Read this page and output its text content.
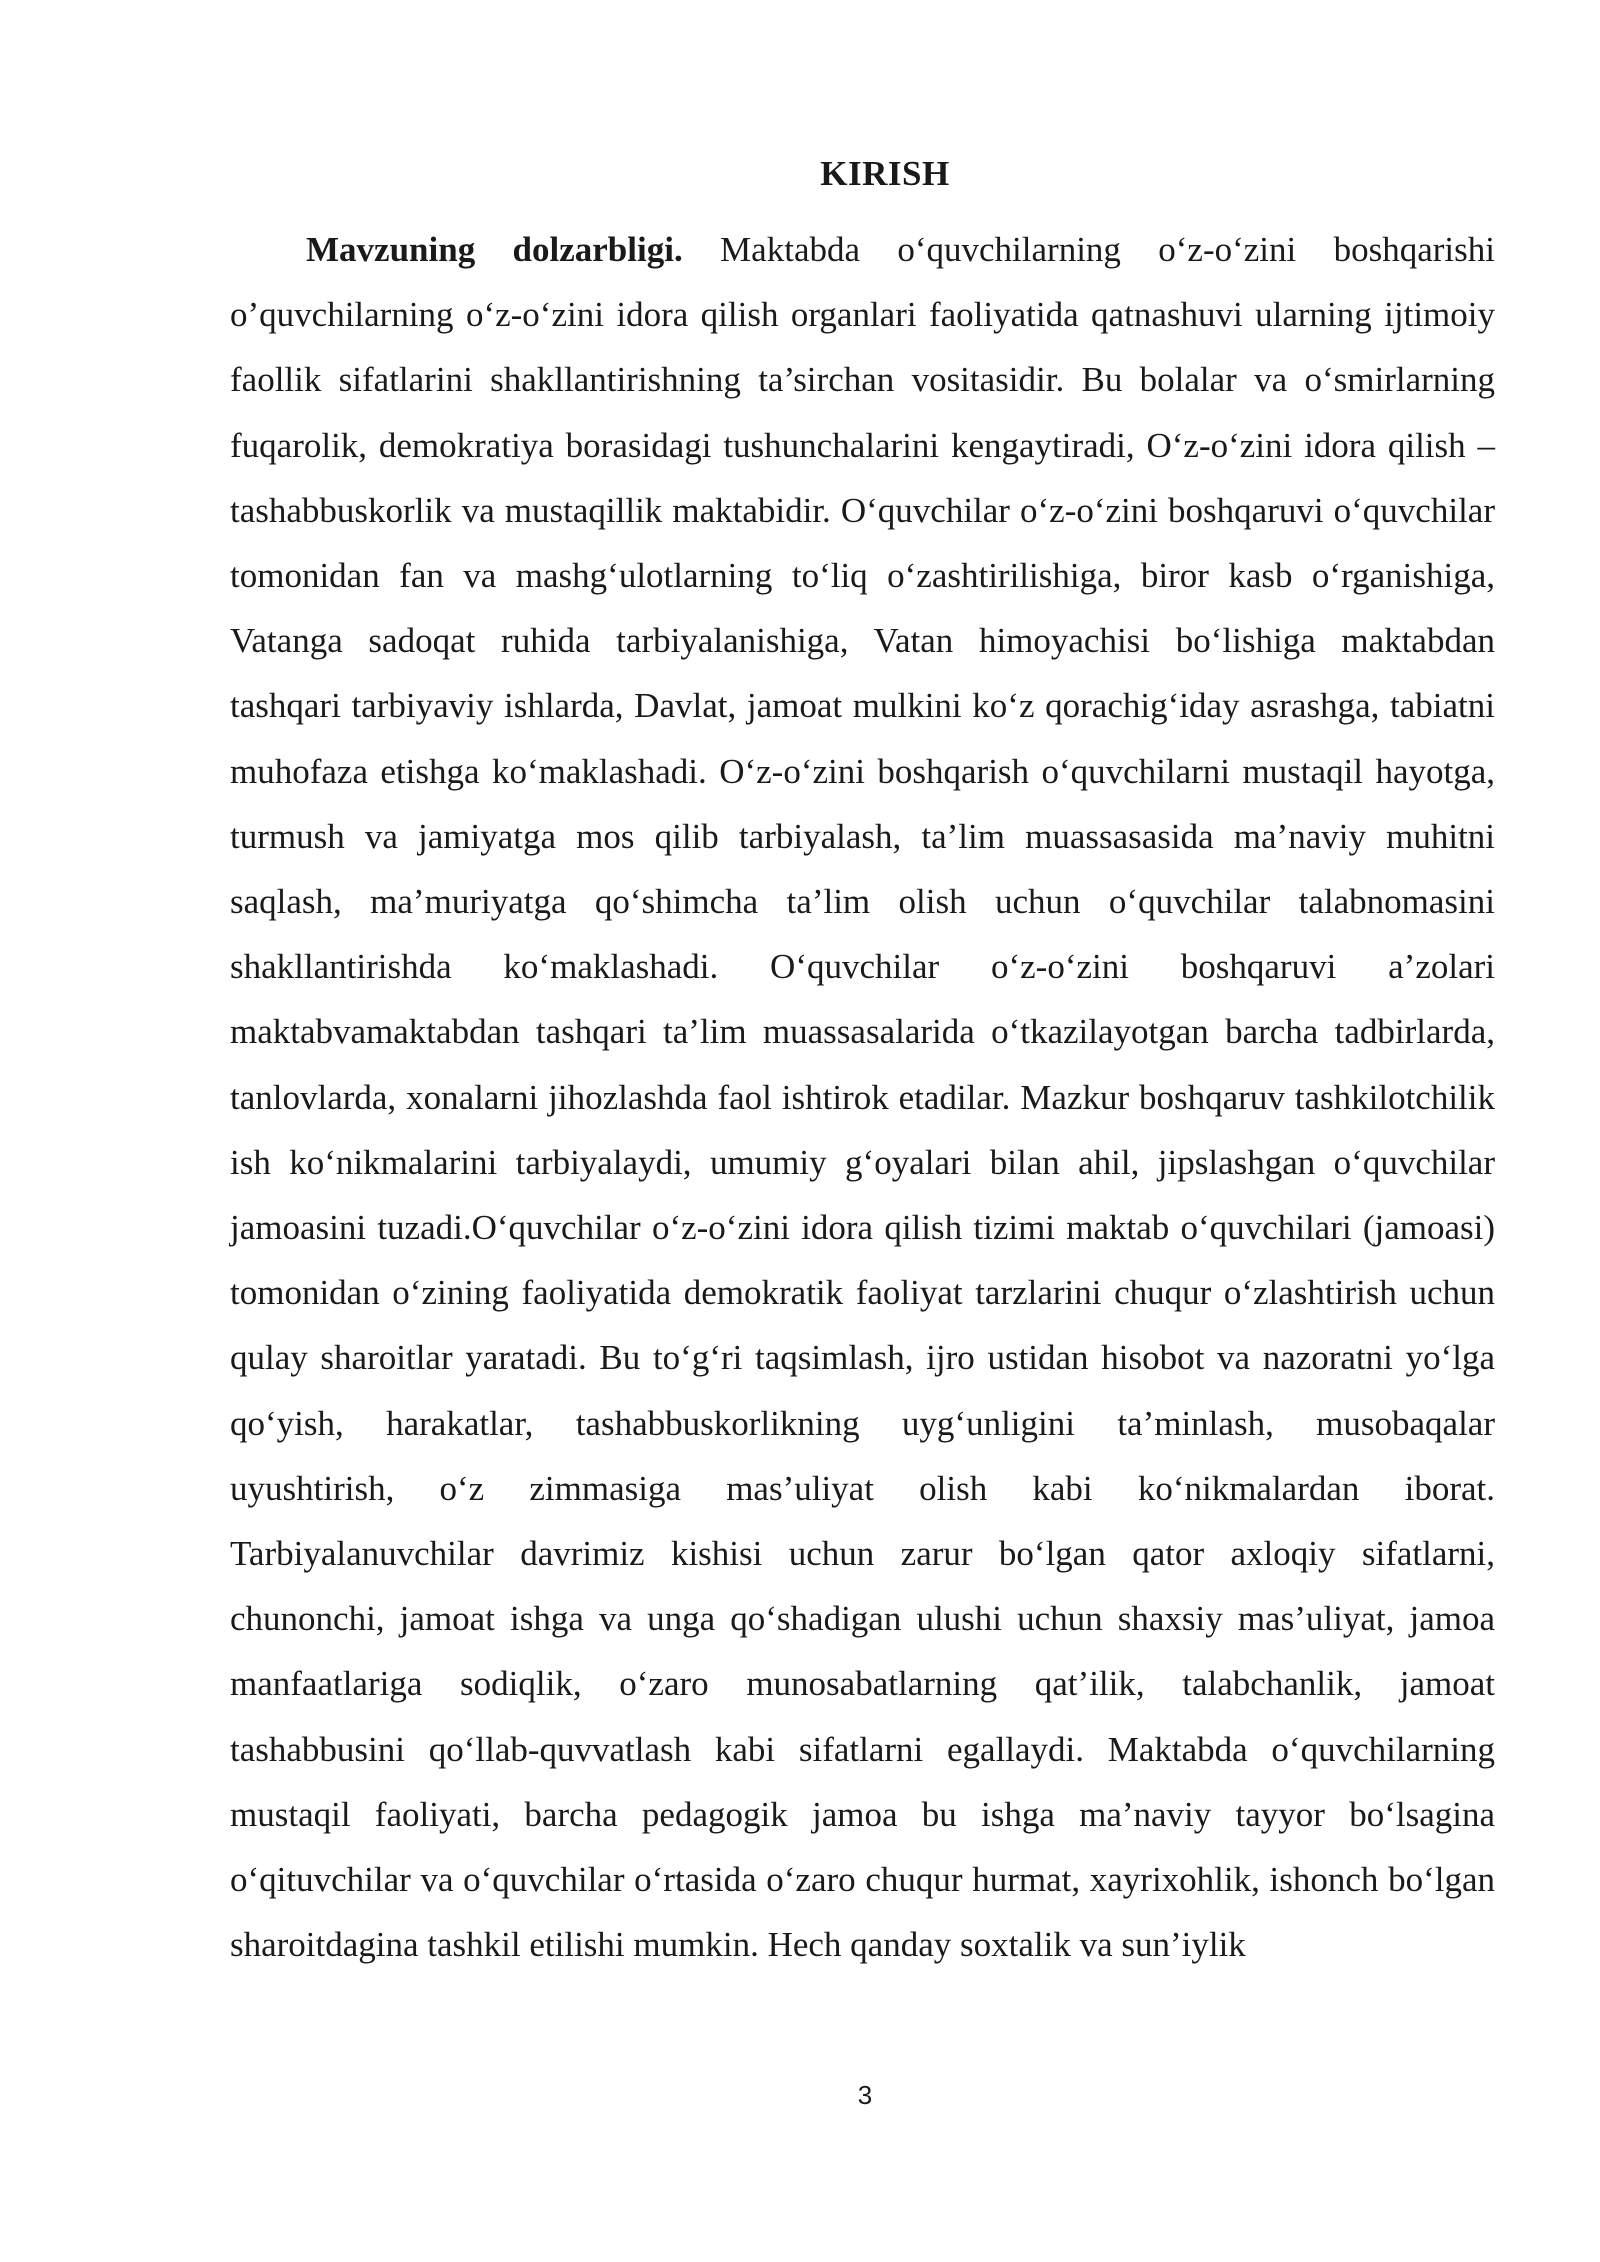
KIRISH

Mavzuning dolzarbligi. Maktabda o‘quvchilarning o‘z-o‘zini boshqarishi o’quvchilarning o‘z-o‘zini idora qilish organlari faoliyatida qatnashuvi ularning ijtimoiy faollik sifatlarini shakllantirishning ta’sirchan vositasidir. Bu bolalar va o‘smirlarning fuqarolik, demokratiya borasidagi tushunchalarini kengaytiradi, O‘z-o‘zini idora qilish – tashabbuskorlik va mustaqillik maktabidir. O‘quvchilar o‘z-o‘zini boshqaruvi o‘quvchilar tomonidan fan va mashg‘ulotlarning to‘liq o‘zashtirilishiga, biror kasb o‘rganishiga, Vatanga sadoqat ruhida tarbiyalanishiga, Vatan himoyachisi bo‘lishiga maktabdan tashqari tarbiyaviy ishlarda, Davlat, jamoat mulkini ko‘z qorachig‘iday asrashga, tabiatni muhofaza etishga ko‘maklashadi. O‘z-o‘zini boshqarish o‘quvchilarni mustaqil hayotga, turmush va jamiyatga mos qilib tarbiyalash, ta’lim muassasasida ma’naviy muhitni saqlash, ma’muriyatga qo‘shimcha ta’lim olish uchun o‘quvchilar talabnomasini shakllantirishda ko‘maklashadi. O‘quvchilar o‘z-o‘zini boshqaruvi a’zolari maktabvamaktabdan tashqari ta’lim muassasalarida o‘tkazilayotgan barcha tadbirlarda, tanlovlarda, xonalarni jihozlashda faol ishtirok etadilar. Mazkur boshqaruv tashkilotchilik ish ko‘nikmalarini tarbiyalaydi, umumiy g‘oyalari bilan ahil, jipslashgan o‘quvchilar jamoasini tuzadi.O‘quvchilar o‘z-o‘zini idora qilish tizimi maktab o‘quvchilari (jamoasi) tomonidan o‘zining faoliyatida demokratik faoliyat tarzlarini chuqur o‘zlashtirish uchun qulay sharoitlar yaratadi. Bu to‘g‘ri taqsimlash, ijro ustidan hisobot va nazoratni yo‘lga qo‘yish, harakatlar, tashabbuskorlikning uyg‘unligini ta’minlash, musobaqalar uyushtirish, o‘z zimmasiga mas’uliyat olish kabi ko‘nikmalardan iborat. Tarbiyalanuvchilar davrimiz kishisi uchun zarur bo‘lgan qator axloqiy sifatlarni, chunonchi, jamoat ishga va unga qo‘shadigan ulushi uchun shaxsiy mas’uliyat, jamoa manfaatlariga sodiqlik, o‘zaro munosabatlarning qat’ilik, talabchanlik, jamoat tashabbusini qo‘llab-quvvatlash kabi sifatlarni egallaydi. Maktabda o‘quvchilarning mustaqil faoliyati, barcha pedagogik jamoa bu ishga ma’naviy tayyor bo‘lsagina o‘qituvchilar va o‘quvchilar o‘rtasida o‘zaro chuqur hurmat, xayrixohlik, ishonch bo‘lgan sharoitdagina tashkil etilishi mumkin. Hech qanday soxtalik va sun’iylik

3
